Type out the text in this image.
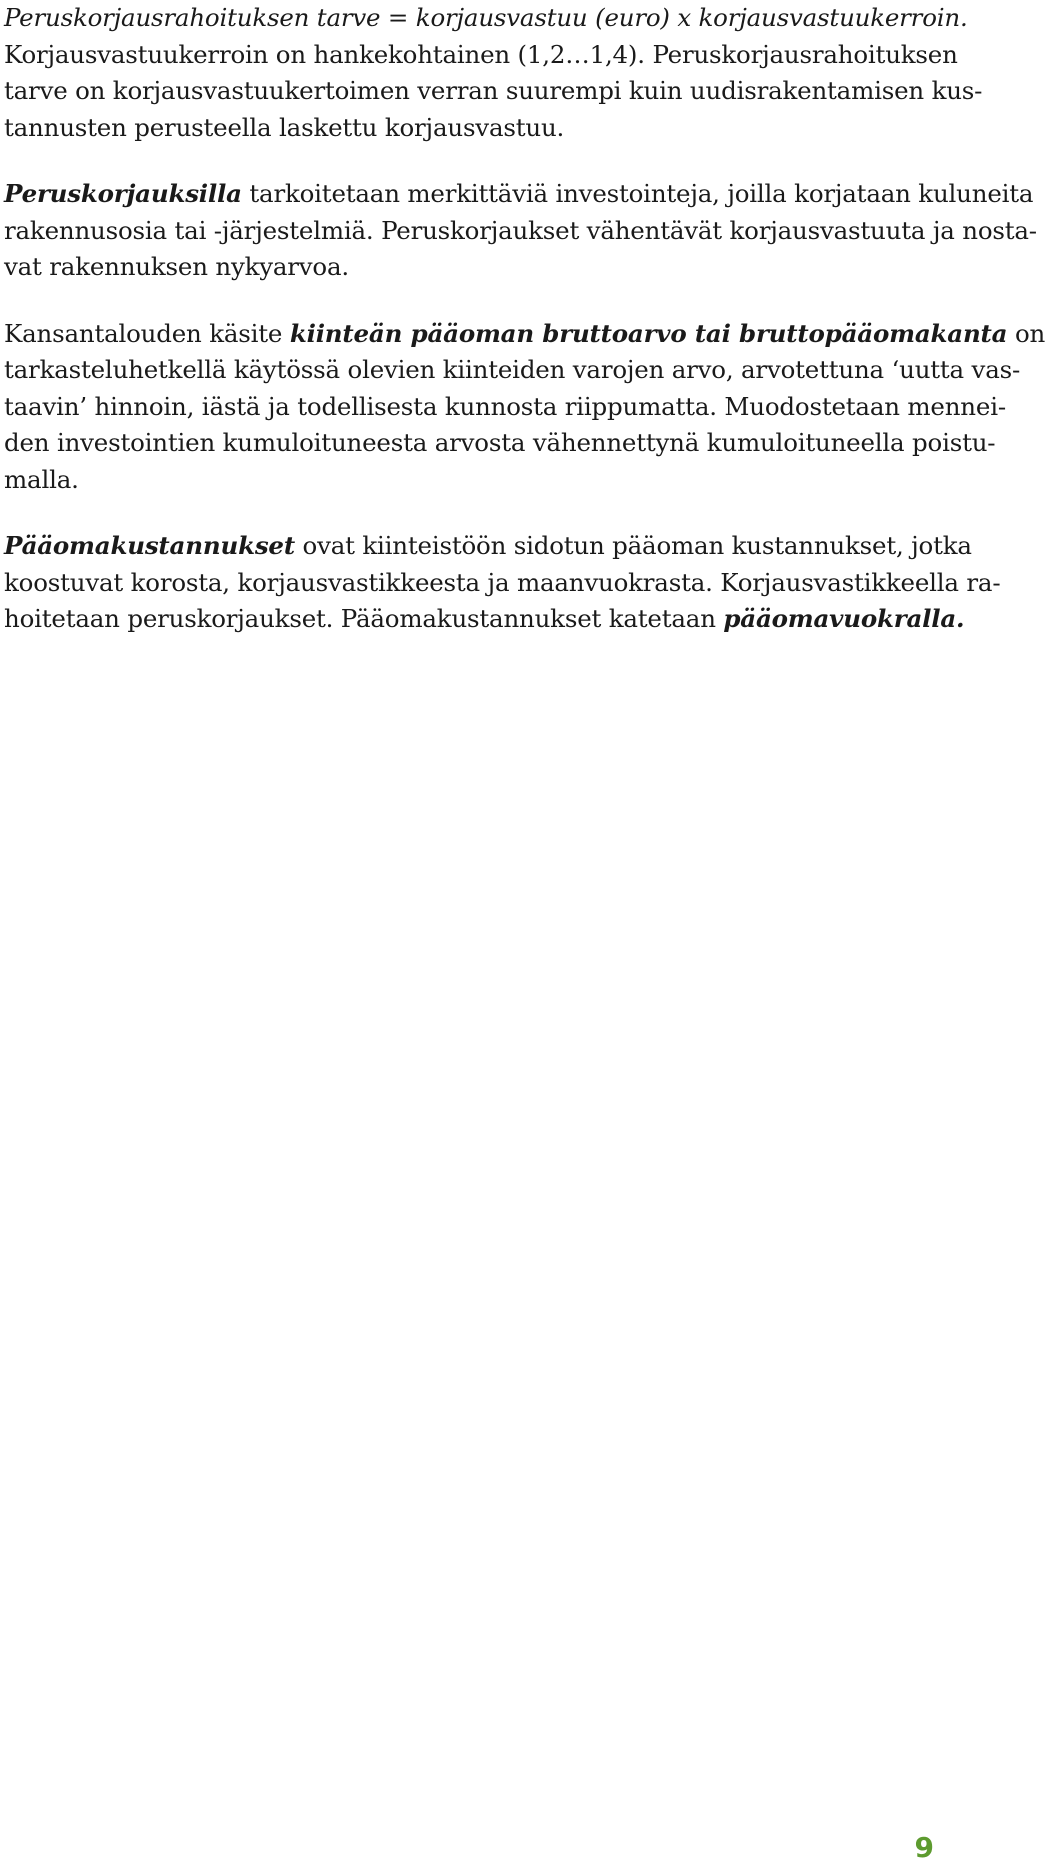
Peruskorjausrahoituksen tarve = korjausvastuu (euro) x korjausvastuukerroin.
Korjausvastuukerroin on hankekohtainen (1,2…1,4). Peruskorjausrahoituksen
tarve on korjausvastuukertoimen verran suurempi kuin uudisrakentamisen kus-
tannusten perusteella laskettu korjausvastuu.

Peruskorjauksilla tarkoitetaan merkittäviä investointeja, joilla korjataan kuluneita
rakennusosia tai -järjestelmiä. Peruskorjaukset vähentävät korjausvastuuta ja nosta-
vat rakennuksen nykyarvoa.

Kansantalouden käsite kiinteän pääoman bruttoarvo tai bruttopääomakanta on
tarkasteluhetkellä käytössä olevien kiinteiden varojen arvo, arvotettuna ‘uutta vas-
taavin’ hinnoin, iästä ja todellisesta kunnosta riippumatta. Muodostetaan mennei-
den investointien kumuloituneesta arvosta vähennettynä kumuloituneella poistu-
malla.

Pääomakustannukset ovat kiinteistöön sidotun pääoman kustannukset, jotka
koostuvat korosta, korjausvastikkeesta ja maanvuokrasta. Korjausvastikkeella ra-
hoitetaan peruskorjaukset. Pääomakustannukset katetaan pääomavuokralla.

9
